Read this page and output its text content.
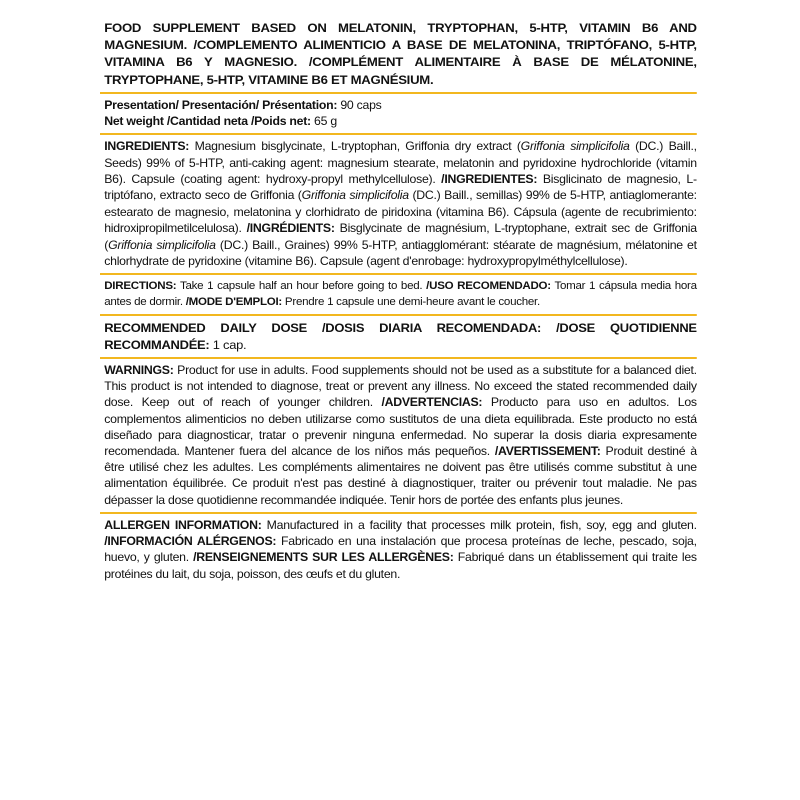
FOOD SUPPLEMENT BASED ON MELATONIN, TRYPTOPHAN, 5-HTP, VITAMIN B6 AND MAGNESIUM. /COMPLEMENTO ALIMENTICIO A BASE DE MELATONINA, TRIPTÓFANO, 5-HTP, VITAMINA B6 Y MAGNESIO. /COMPLÉMENT ALIMENTAIRE À BASE DE MÉLATONINE, TRYPTOPHANE, 5-HTP, VITAMINE B6 ET MAGNÉSIUM.

Presentation/ Presentación/ Présentation: 90 caps

Net weight /Cantidad neta /Poids net: 65 g

INGREDIENTS: Magnesium bisglycinate, L-tryptophan, Griffonia dry extract (Griffonia simplicifolia (DC.) Baill., Seeds) 99% of 5-HTP, anti-caking agent: magnesium stearate, melatonin and pyridoxine hydrochloride (vitamin B6). Capsule (coating agent: hydroxy-propyl methylcellulose). /INGREDIENTES: Bisglicinato de magnesio, L-triptófano, extracto seco de Griffonia (Griffonia simplicifolia (DC.) Baill., semillas) 99% de 5-HTP, antiaglomerante: estearato de magnesio, melatonina y clorhidrato de piridoxina (vitamina B6). Cápsula (agente de recubrimiento: hidroxipropilmetilcelulosa). /INGRÉDIENTS: Bisglycinate de magnésium, L-tryptophane, extrait sec de Griffonia (Griffonia simplicifolia (DC.) Baill., Graines) 99% 5-HTP, antiagglomérant: stéarate de magnésium, mélatonine et chlorhydrate de pyridoxine (vitamine B6). Capsule (agent d'enrobage: hydroxypropylméthylcellulose).

DIRECTIONS: Take 1 capsule half an hour before going to bed. /USO RECOMENDADO: Tomar 1 cápsula media hora antes de dormir. /MODE D'EMPLOI: Prendre 1 capsule une demi-heure avant le coucher.

RECOMMENDED DAILY DOSE /DOSIS DIARIA RECOMENDADA: /DOSE QUOTIDIENNE RECOMMANDÉE: 1 cap.

WARNINGS: Product for use in adults. Food supplements should not be used as a substitute for a balanced diet. This product is not intended to diagnose, treat or prevent any illness. No exceed the stated recommended daily dose. Keep out of reach of younger children. /ADVERTENCIAS: Producto para uso en adultos. Los complementos alimenticios no deben utilizarse como sustitutos de una dieta equilibrada. Este producto no está diseñado para diagnosticar, tratar o prevenir ninguna enfermedad. No superar la dosis diaria expresamente recomendada. Mantener fuera del alcance de los niños más pequeños. /AVERTISSEMENT: Produit destiné à être utilisé chez les adultes. Les compléments alimentaires ne doivent pas être utilisés comme substitut à une alimentation équilibrée. Ce produit n'est pas destiné à diagnostiquer, traiter ou prévenir tout maladie. Ne pas dépasser la dose quotidienne recommandée indiquée. Tenir hors de portée des enfants plus jeunes.

ALLERGEN INFORMATION: Manufactured in a facility that processes milk protein, fish, soy, egg and gluten. /INFORMACIÓN ALÉRGENOS: Fabricado en una instalación que procesa proteínas de leche, pescado, soja, huevo, y gluten. /RENSEIGNEMENTS SUR LES ALLERGÈNES: Fabriqué dans un établissement qui traite les protéines du lait, du soja, poisson, des œufs et du gluten.
